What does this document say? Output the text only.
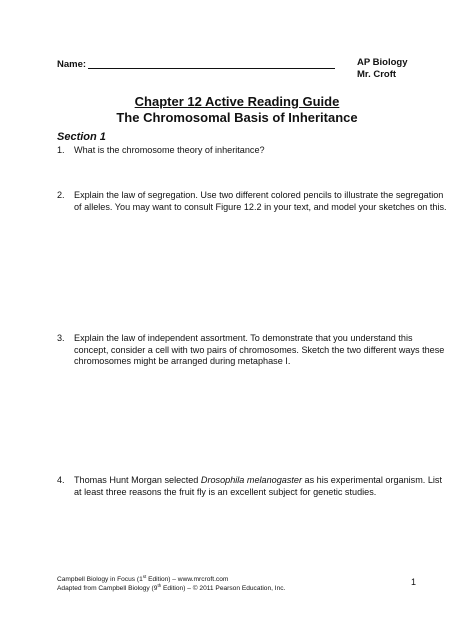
Name:	AP Biology
Mr. Croft
Chapter 12 Active Reading Guide
The Chromosomal Basis of Inheritance
Section 1
1. What is the chromosome theory of inheritance?
2. Explain the law of segregation. Use two different colored pencils to illustrate the segregation of alleles. You may want to consult Figure 12.2 in your text, and model your sketches on this.
3. Explain the law of independent assortment. To demonstrate that you understand this concept, consider a cell with two pairs of chromosomes. Sketch the two different ways these chromosomes might be arranged during metaphase I.
4. Thomas Hunt Morgan selected Drosophila melanogaster as his experimental organism. List at least three reasons the fruit fly is an excellent subject for genetic studies.
Campbell Biology in Focus (1st Edition) – www.mrcroft.com
Adapted from Campbell Biology (9th Edition) – © 2011 Pearson Education, Inc.
1
